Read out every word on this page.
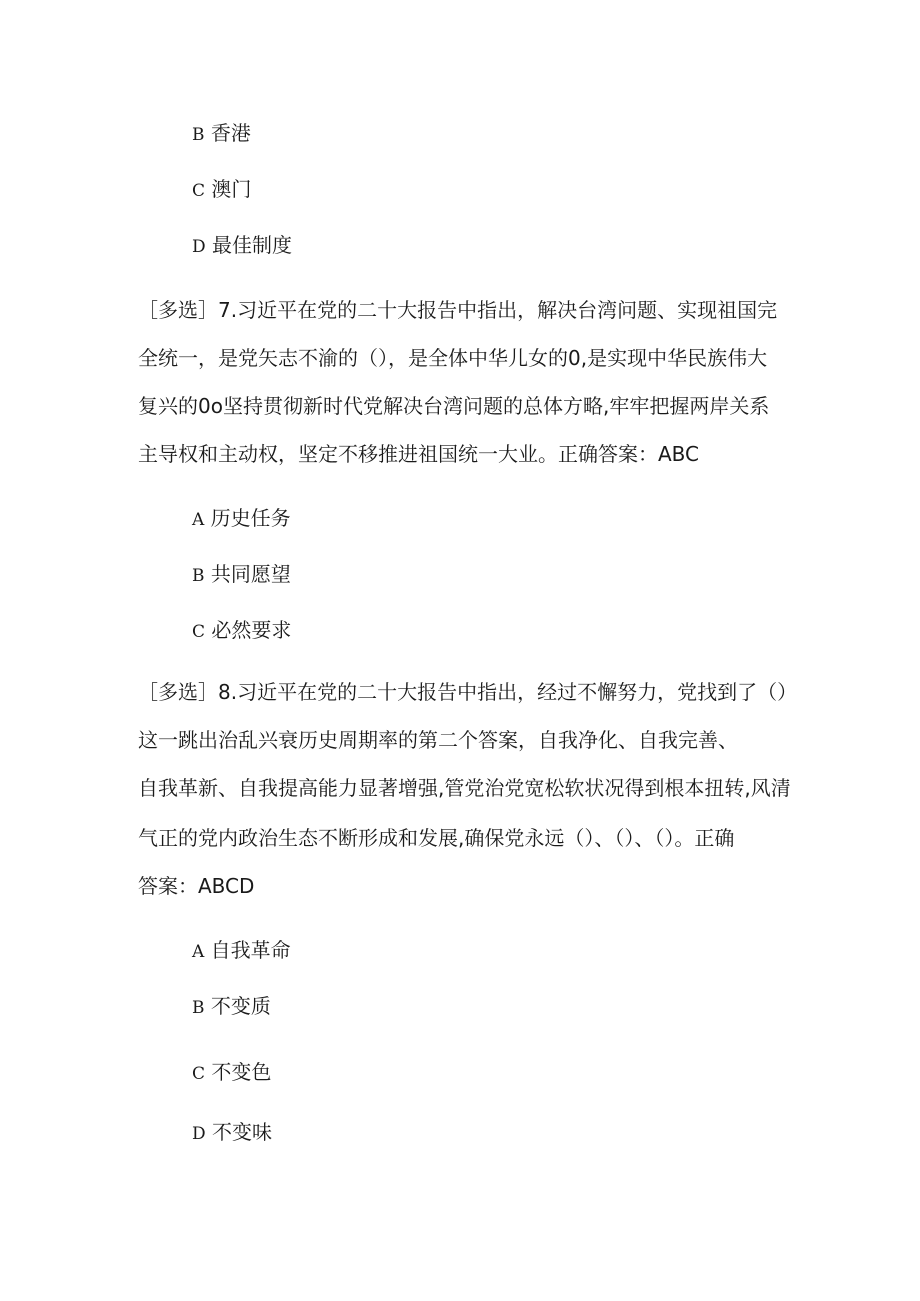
B 香港
C 澳门
D 最佳制度
［多选］7.习近平在党的二十大报告中指出，解决台湾问题、实现祖国完
全统一，是党矢志不渝的（），是全体中华儿女的0,是实现中华民族伟大
复兴的0o坚持贯彻新时代党解决台湾问题的总体方略,牢牢把握两岸关系
主导权和主动权，坚定不移推进祖国统一大业。正确答案：ABC
A 历史任务
B 共同愿望
C 必然要求
［多选］8.习近平在党的二十大报告中指出，经过不懈努力，党找到了（）
这一跳出治乱兴衰历史周期率的第二个答案，自我净化、自我完善、
自我革新、自我提高能力显著增强,管党治党宽松软状况得到根本扭转,风清
气正的党内政治生态不断形成和发展,确保党永远（）、（）、（）。正确
答案：ABCD
A 自我革命
B 不变质
C 不变色
D 不变味
